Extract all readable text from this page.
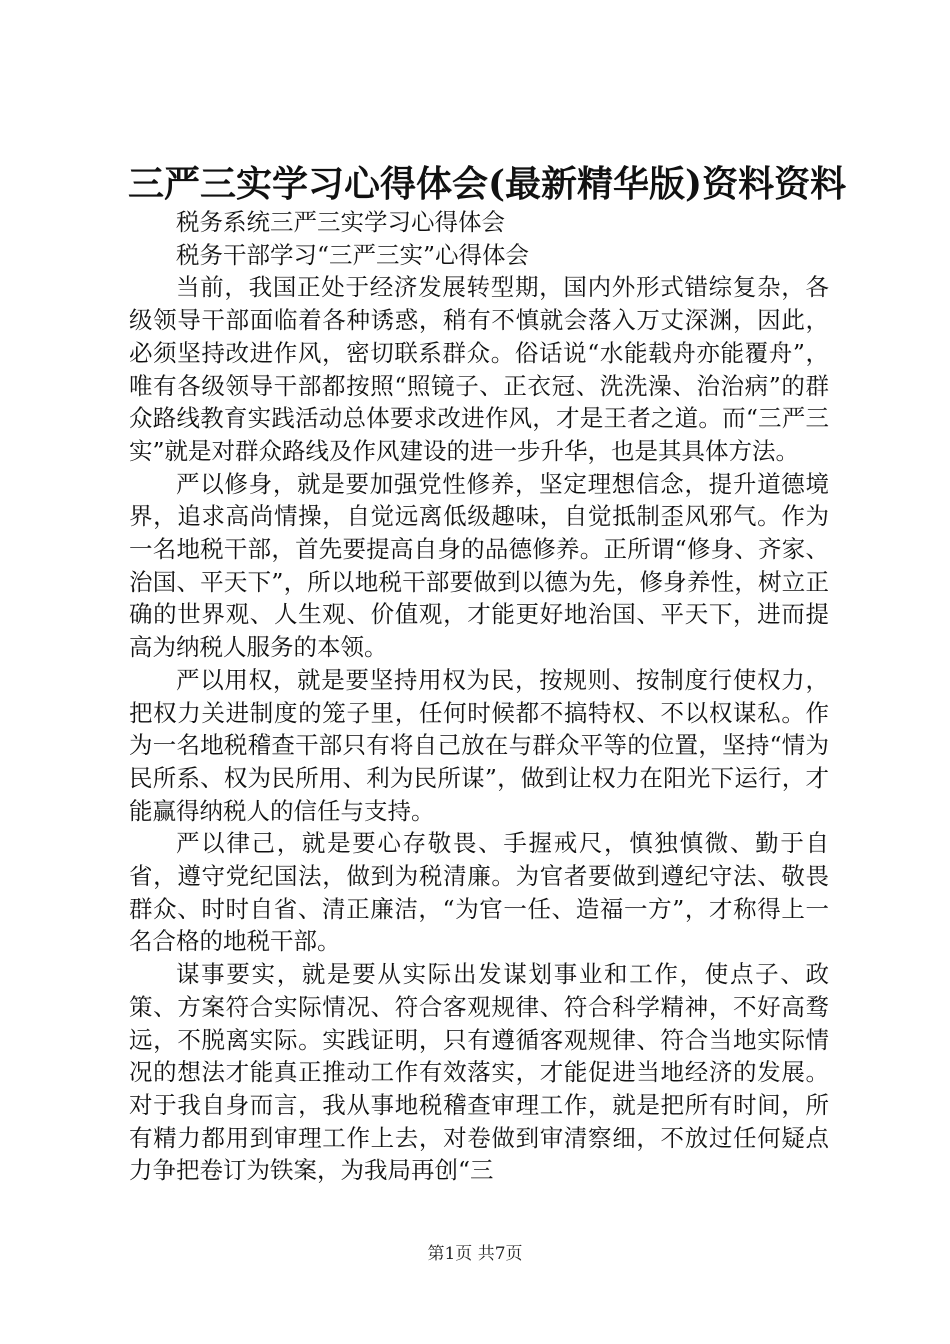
三严三实学习心得体会(最新精华版)资料资料

税务系统三严三实学习心得体会

税务干部学习“三严三实”心得体会

当前，我国正处于经济发展转型期，国内外形式错综复杂，各级领导干部面临着各种诱惑，稍有不慎就会落入万丈深渊，因此，必须坚持改进作风，密切联系群众。俗话说“水能载舟亦能覆舟”，唯有各级领导干部都按照“照镜子、正衣冠、洗洗澡、治治病”的群众路线教育实践活动总体要求改进作风，才是王者之道。而“三严三实”就是对群众路线及作风建设的进一步升华，也是其具体方法。

严以修身，就是要加强党性修养，坚定理想信念，提升道德境界，追求高尚情操，自觉远离低级趣味，自觉抵制歪风邪气。作为一名地税干部，首先要提高自身的品德修养。正所谓“修身、齐家、治国、平天下”，所以地税干部要做到以德为先，修身养性，树立正确的世界观、人生观、价值观，才能更好地治国、平天下，进而提高为纳税人服务的本领。

严以用权，就是要坚持用权为民，按规则、按制度行使权力，把权力关进制度的笼子里，任何时候都不搞特权、不以权谋私。作为一名地税稽查干部只有将自己放在与群众平等的位置，坚持“情为民所系、权为民所用、利为民所谋”，做到让权力在阳光下运行，才能赢得纳税人的信任与支持。

严以律己，就是要心存敬畏、手握戒尺，慎独慎微、勤于自省，遵守党纪国法，做到为税清廉。为官者要做到遵纪守法、敬畏群众、时时自省、清正廉洁，“为官一任、造福一方”，才称得上一名合格的地税干部。

谋事要实，就是要从实际出发谋划事业和工作，使点子、政策、方案符合实际情况、符合客观规律、符合科学精神，不好高骛远，不脱离实际。实践证明，只有遵循客观规律、符合当地实际情况的想法才能真正推动工作有效落实，才能促进当地经济的发展。对于我自身而言，我从事地税稽查审理工作，就是把所有时间，所有精力都用到审理工作上去，对卷做到审清察细，不放过任何疑点力争把卷订为铁案，为我局再创“三

第1页 共7页
